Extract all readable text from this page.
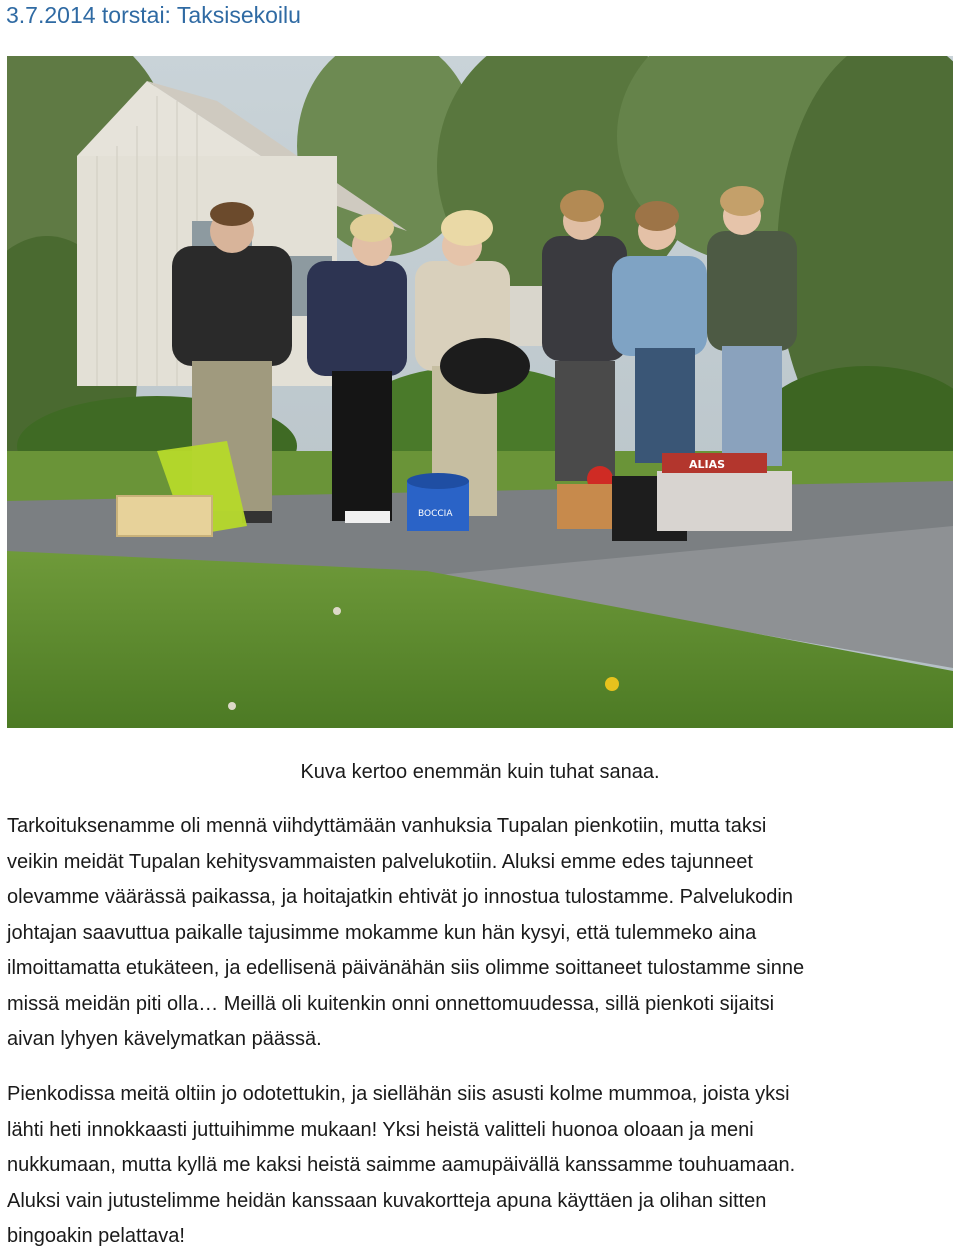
3.7.2014 torstai: Taksisekoilu
BOCCIA
ALIAS
Kuva kertoo enemmän kuin tuhat sanaa.

Tarkoituksenamme oli mennä viihdyttämään vanhuksia Tupalan pienkotiin, mutta taksi
veikin meidät Tupalan kehitysvammaisten palvelukotiin. Aluksi emme edes tajunneet
olevamme väärässä paikassa, ja hoitajatkin ehtivät jo innostua tulostamme. Palvelukodin
johtajan saavuttua paikalle tajusimme mokamme kun hän kysyi, että tulemmeko aina
ilmoittamatta etukäteen, ja edellisenä päivänähän siis olimme soittaneet tulostamme sinne
missä meidän piti olla… Meillä oli kuitenkin onni onnettomuudessa, sillä pienkoti sijaitsi
aivan lyhyen kävelymatkan päässä.

Pienkodissa meitä oltiin jo odotettukin, ja siellähän siis asusti kolme mummoa, joista yksi
lähti heti innokkaasti juttuihimme mukaan! Yksi heistä valitteli huonoa oloaan ja meni
nukkumaan, mutta kyllä me kaksi heistä saimme aamupäivällä kanssamme touhuamaan.
Aluksi vain jutustelimme heidän kanssaan kuvakortteja apuna käyttäen ja olihan sitten
bingoakin pelattava!
